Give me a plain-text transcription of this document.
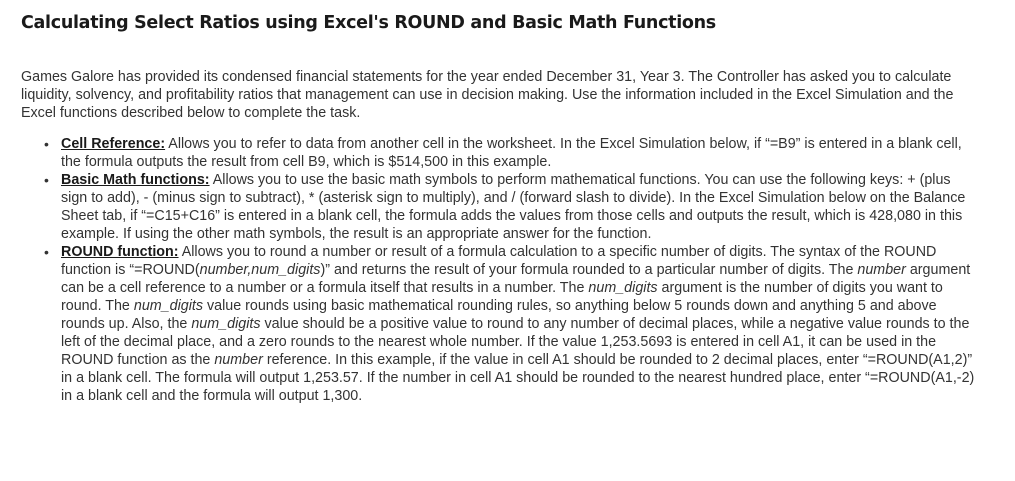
Calculating Select Ratios using Excel's ROUND and Basic Math Functions

Games Galore has provided its condensed financial statements for the year ended December 31, Year 3. The Controller has asked you to calculate liquidity, solvency, and profitability ratios that management can use in decision making. Use the information included in the Excel Simulation and the Excel functions described below to complete the task.

• Cell Reference: Allows you to refer to data from another cell in the worksheet. In the Excel Simulation below, if “=B9” is entered in a blank cell, the formula outputs the result from cell B9, which is $514,500 in this example.
• Basic Math functions: Allows you to use the basic math symbols to perform mathematical functions. You can use the following keys: + (plus sign to add), - (minus sign to subtract), * (asterisk sign to multiply), and / (forward slash to divide). In the Excel Simulation below on the Balance Sheet tab, if “=C15+C16” is entered in a blank cell, the formula adds the values from those cells and outputs the result, which is 428,080 in this example. If using the other math symbols, the result is an appropriate answer for the function.
• ROUND function: Allows you to round a number or result of a formula calculation to a specific number of digits. The syntax of the ROUND function is “=ROUND(number,num_digits)” and returns the result of your formula rounded to a particular number of digits. The number argument can be a cell reference to a number or a formula itself that results in a number. The num_digits argument is the number of digits you want to round. The num_digits value rounds using basic mathematical rounding rules, so anything below 5 rounds down and anything 5 and above rounds up. Also, the num_digits value should be a positive value to round to any number of decimal places, while a negative value rounds to the left of the decimal place, and a zero rounds to the nearest whole number. If the value 1,253.5693 is entered in cell A1, it can be used in the ROUND function as the number reference. In this example, if the value in cell A1 should be rounded to 2 decimal places, enter “=ROUND(A1,2)” in a blank cell. The formula will output 1,253.57. If the number in cell A1 should be rounded to the nearest hundred place, enter “=ROUND(A1,-2) in a blank cell and the formula will output 1,300.
